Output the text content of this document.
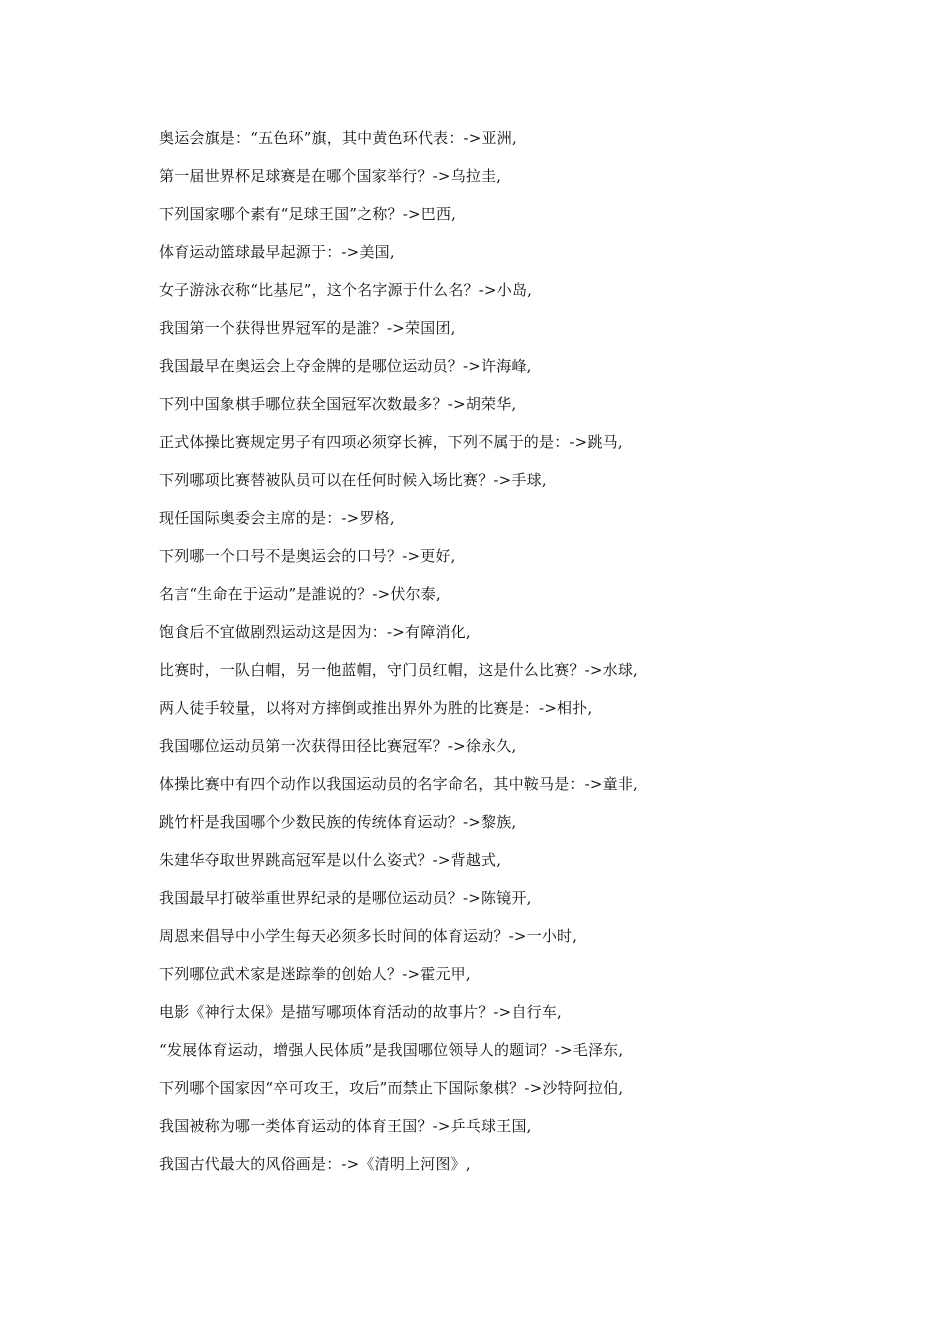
奥运会旗是：“五色环”旗，其中黄色环代表：->亚洲,
第一届世界杯足球赛是在哪个国家举行？->乌拉圭,
下列国家哪个素有“足球王国”之称？->巴西,
体育运动篮球最早起源于：->美国,
女子游泳衣称“比基尼”，这个名字源于什么名？->小岛,
我国第一个获得世界冠军的是誰？->荣国团,
我国最早在奥运会上夺金牌的是哪位运动员？->许海峰,
下列中国象棋手哪位获全国冠军次数最多？->胡荣华,
正式体操比赛规定男子有四项必须穿长裤，下列不属于的是：->跳马,
下列哪项比赛替被队员可以在任何时候入场比赛？->手球,
现任国际奥委会主席的是：->罗格,
下列哪一个口号不是奥运会的口号？->更好,
名言“生命在于运动”是誰说的？->伏尔泰,
饱食后不宜做剧烈运动这是因为：->有障消化,
比赛时，一队白帽，另一他蓝帽，守门员红帽，这是什么比赛？->水球,
两人徒手较量，以将对方摔倒或推出界外为胜的比赛是：->相扑,
我国哪位运动员第一次获得田径比赛冠军？->徐永久,
体操比赛中有四个动作以我国运动员的名字命名，其中鞍马是：->童非,
跳竹杆是我国哪个少数民族的传统体育运动？->黎族,
朱建华夺取世界跳高冠军是以什么姿式？->背越式,
我国最早打破举重世界纪录的是哪位运动员？->陈镜开,
周恩来倡导中小学生每天必须多长时间的体育运动？->一小时,
下列哪位武术家是迷踪拳的创始人？->霍元甲,
电影《神行太保》是描写哪项体育活动的故事片？->自行车,
“发展体育运动，增强人民体质”是我国哪位领导人的题词？->毛泽东,
下列哪个国家因“卒可攻王，攻后”而禁止下国际象棋？->沙特阿拉伯,
我国被称为哪一类体育运动的体育王国？->乒乓球王国,
我国古代最大的风俗画是：->《清明上河图》,
